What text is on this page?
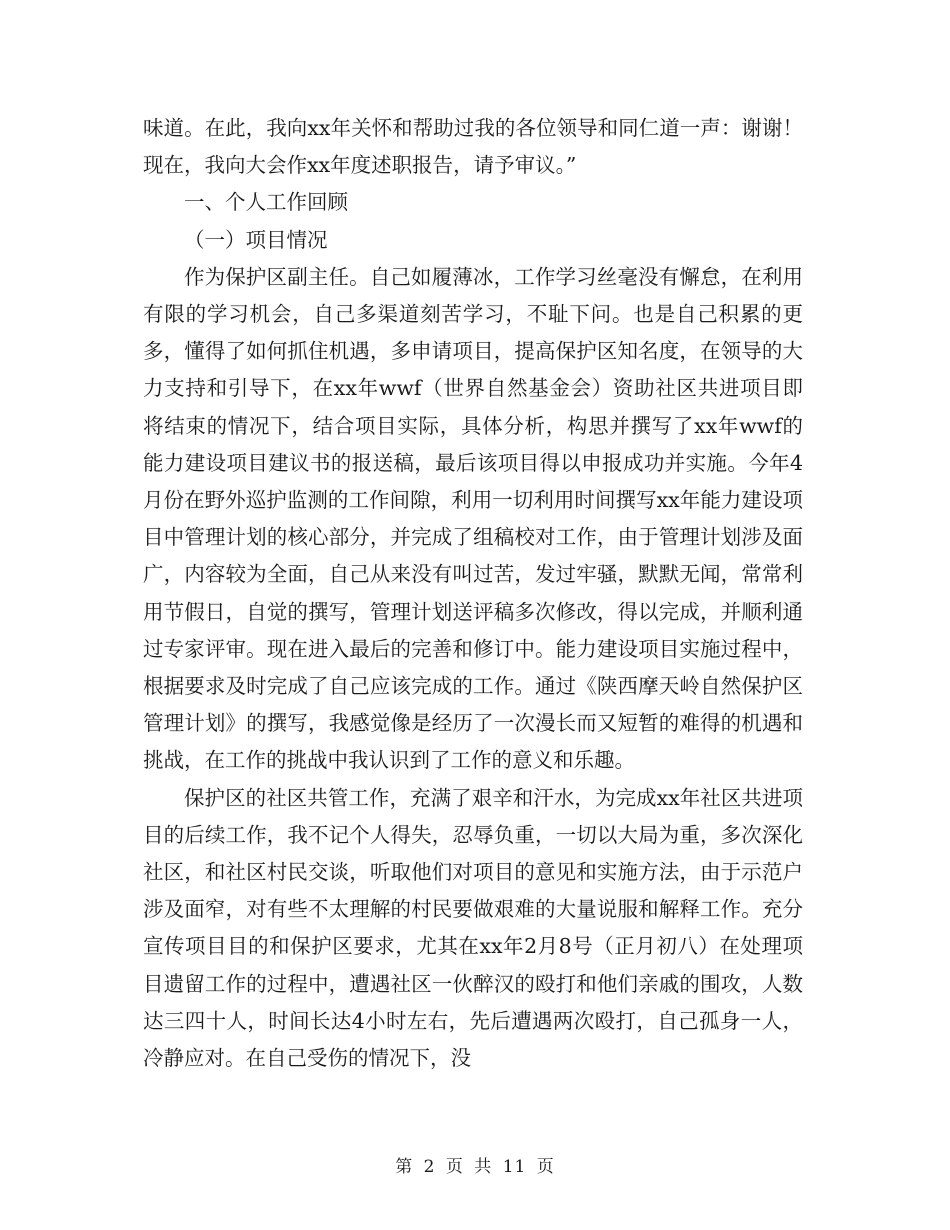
味道。在此，我向xx年关怀和帮助过我的各位领导和同仁道一声：谢谢！现在，我向大会作xx年度述职报告，请予审议。”

一、个人工作回顾

（一）项目情况

作为保护区副主任。自己如履薄冰，工作学习丝毫没有懈怠，在利用有限的学习机会，自己多渠道刻苦学习，不耻下问。也是自己积累的更多，懂得了如何抓住机遇，多申请项目，提高保护区知名度，在领导的大力支持和引导下，在xx年wwf（世界自然基金会）资助社区共进项目即将结束的情况下，结合项目实际，具体分析，构思并撰写了xx年wwf的能力建设项目建议书的报送稿，最后该项目得以申报成功并实施。今年4月份在野外巡护监测的工作间隙，利用一切利用时间撰写xx年能力建设项目中管理计划的核心部分，并完成了组稿校对工作，由于管理计划涉及面广，内容较为全面，自己从来没有叫过苦，发过牢骚，默默无闻，常常利用节假日，自觉的撰写，管理计划送评稿多次修改，得以完成，并顺利通过专家评审。现在进入最后的完善和修订中。能力建设项目实施过程中，根据要求及时完成了自己应该完成的工作。通过《陕西摩天岭自然保护区管理计划》的撰写，我感觉像是经历了一次漫长而又短暂的难得的机遇和挑战，在工作的挑战中我认识到了工作的意义和乐趣。

保护区的社区共管工作，充满了艰辛和汗水，为完成xx年社区共进项目的后续工作，我不记个人得失，忍辱负重，一切以大局为重，多次深化社区，和社区村民交谈，听取他们对项目的意见和实施方法，由于示范户涉及面窄，对有些不太理解的村民要做艰难的大量说服和解释工作。充分宣传项目目的和保护区要求，尤其在xx年2月8号（正月初八）在处理项目遗留工作的过程中，遭遇社区一伙醉汉的殴打和他们亲戚的围攻，人数达三四十人，时间长达4小时左右，先后遭遇两次殴打，自己孤身一人，冷静应对。在自己受伤的情况下，没

第 2 页 共 11 页
